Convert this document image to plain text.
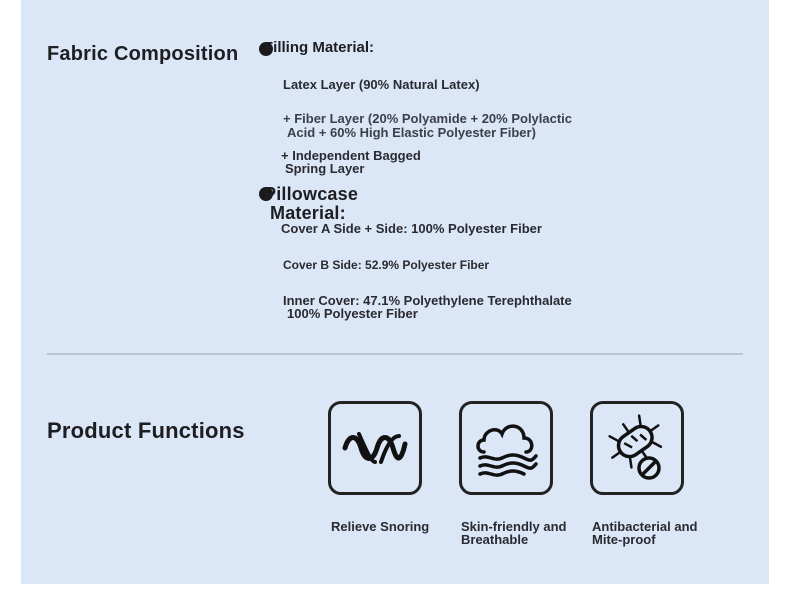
Fabric Composition Filling Material:
Latex Layer (90% Natural Latex)
+ Fiber Layer (20% Polyamide + 20% Polylactic
Acid + 60% High Elastic Polyester Fiber)
+ Independent Bagged
Spring Layer
Pillowcase
Material:
Cover A Side + Side: 100% Polyester Fiber
Cover B Side: 52.9% Polyester Fiber
Inner Cover: 47.1% Polyethylene Terephthalate
100% Polyester Fiber
Product Functions
Relieve Snoring Skin-friendly and
Breathable
Antibacterial and
Mite-proof
